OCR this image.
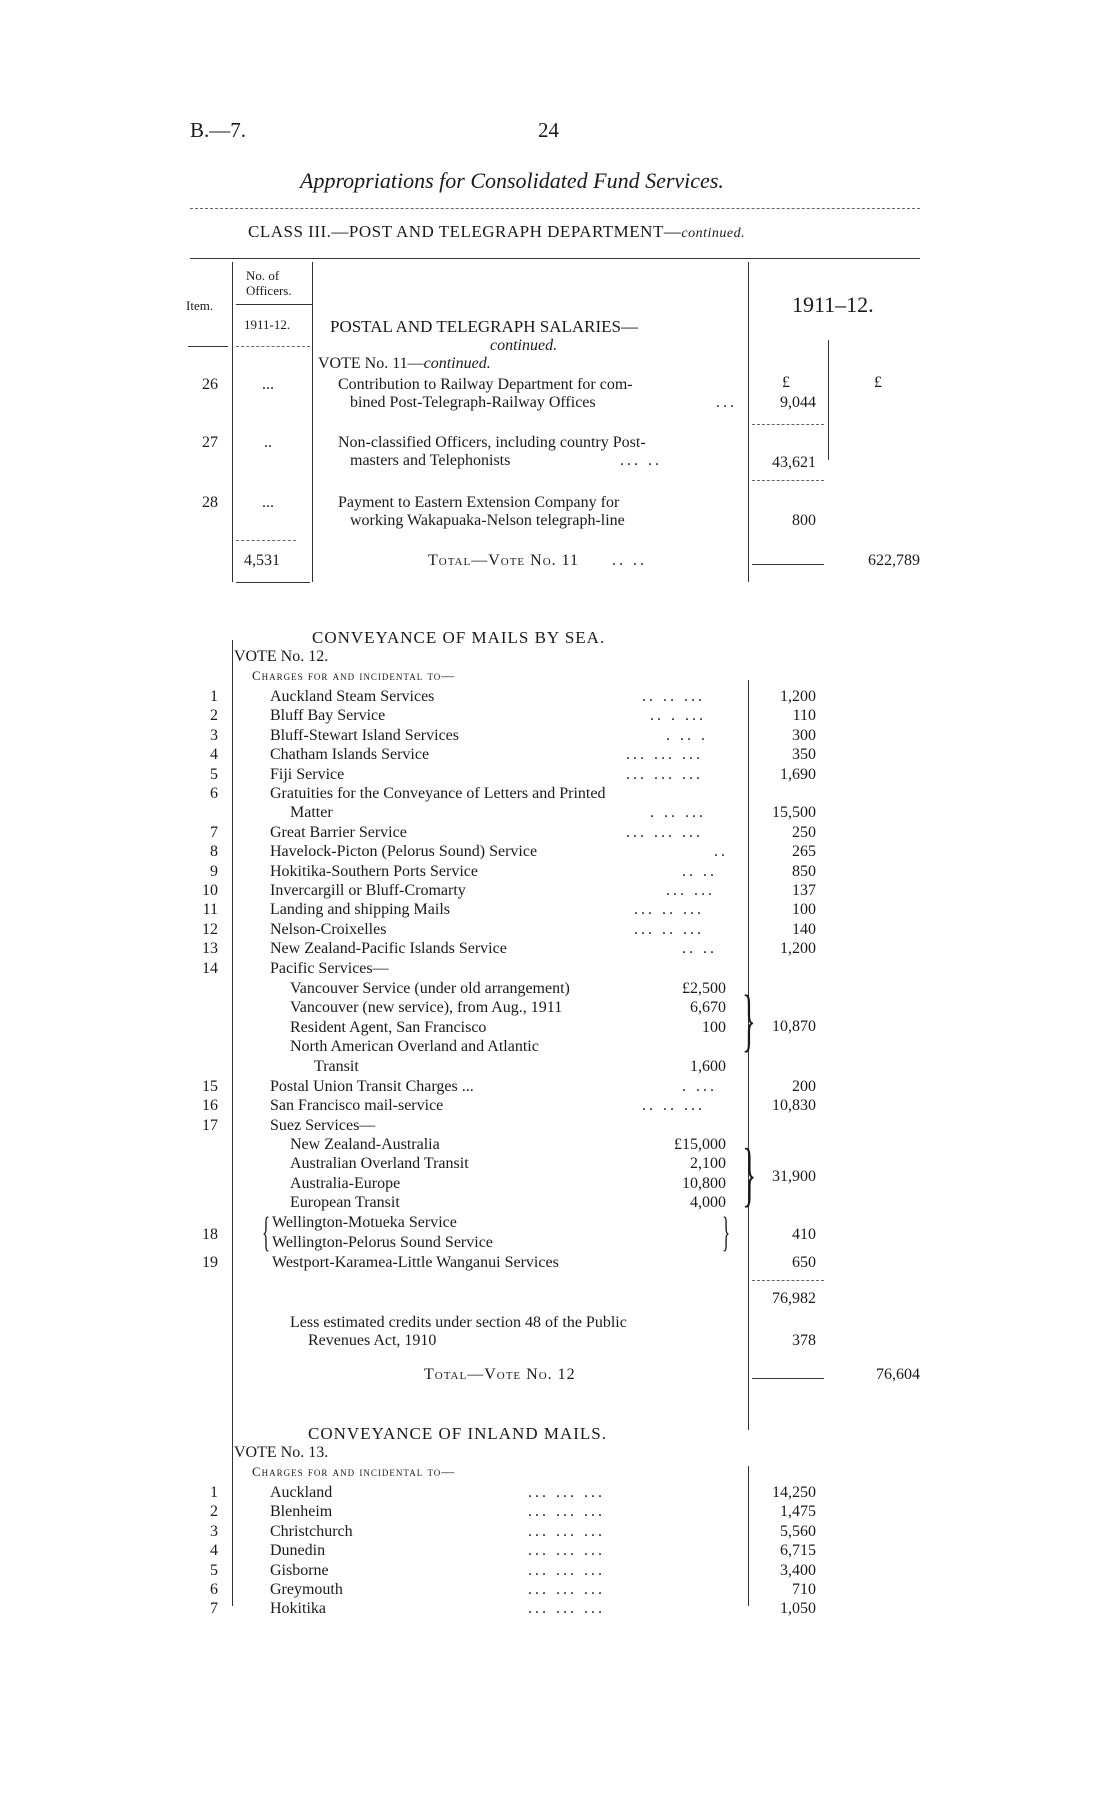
B.—7.	24
Appropriations for Consolidated Fund Services.
CLASS III.—POST AND TELEGRAPH DEPARTMENT—continued.
Item.
No. of Officers.
1911-12.
1911–12.
POSTAL AND TELEGRAPH SALARIES—
continued.
VOTE No. 11—continued.
£	£
26	...	Contribution to Railway Department for com-
bined Post-Telegraph-Railway Offices	...	9,044
27	..	Non-classified Officers, including country Post-
masters and Telephonists	... ..	43,621
28	...	Payment to Eastern Extension Company for
working Wakapuaka-Nelson telegraph-line	800
4,531	Total—Vote No. 11 .. ..	622,789
CONVEYANCE OF MAILS BY SEA.
VOTE No. 12.
Charges for and incidental to—
1	Auckland Steam Services	.. .. ...	1,200
2	Bluff Bay Service	.. . ...	110
3	Bluff-Stewart Island Services	. .. .	300
4	Chatham Islands Service	... ... ...	350
5	Fiji Service	... ... ...	1,690
6	Gratuities for the Conveyance of Letters and Printed
Matter	. .. ...	15,500
7	Great Barrier Service	... ... ...	250
8	Havelock-Picton (Pelorus Sound) Service	..	265
9	Hokitika-Southern Ports Service	.. ..	850
10	Invercargill or Bluff-Cromarty	... ...	137
11	Landing and shipping Mails	... .. ...	100
12	Nelson-Croixelles	... .. ...	140
13	New Zealand-Pacific Islands Service	.. ..	1,200
14	Pacific Services—
Vancouver Service (under old arrangement)	£2,500
Vancouver (new service), from Aug., 1911	6,670
Resident Agent, San Francisco	100
North American Overland and Atlantic
Transit	1,600
}	10,870
15	Postal Union Transit Charges ...	. ...	200
16	San Francisco mail-service	.. .. ...	10,830
17	Suez Services—
New Zealand-Australia	£15,000
Australian Overland Transit	2,100
Australia-Europe	10,800
European Transit	4,000 } 31,900
18 { Wellington-Motueka Service
Wellington-Pelorus Sound Service	}	410
19	Westport-Karamea-Little Wanganui Services	650
76,982
Less estimated credits under section 48 of the Public
Revenues Act, 1910	378
Total—Vote No. 12	76,604
CONVEYANCE OF INLAND MAILS.
VOTE No. 13.
Charges for and incidental to—
1	Auckland	... ... ...	14,250
2	Blenheim	... ... ...	1,475
3	Christchurch	... ... ...	5,560
4	Dunedin	... ... ...	6,715
5	Gisborne	... ... ...	3,400
6	Greymouth	... ... ...	710
7	Hokitika	... ... ...	1,050
